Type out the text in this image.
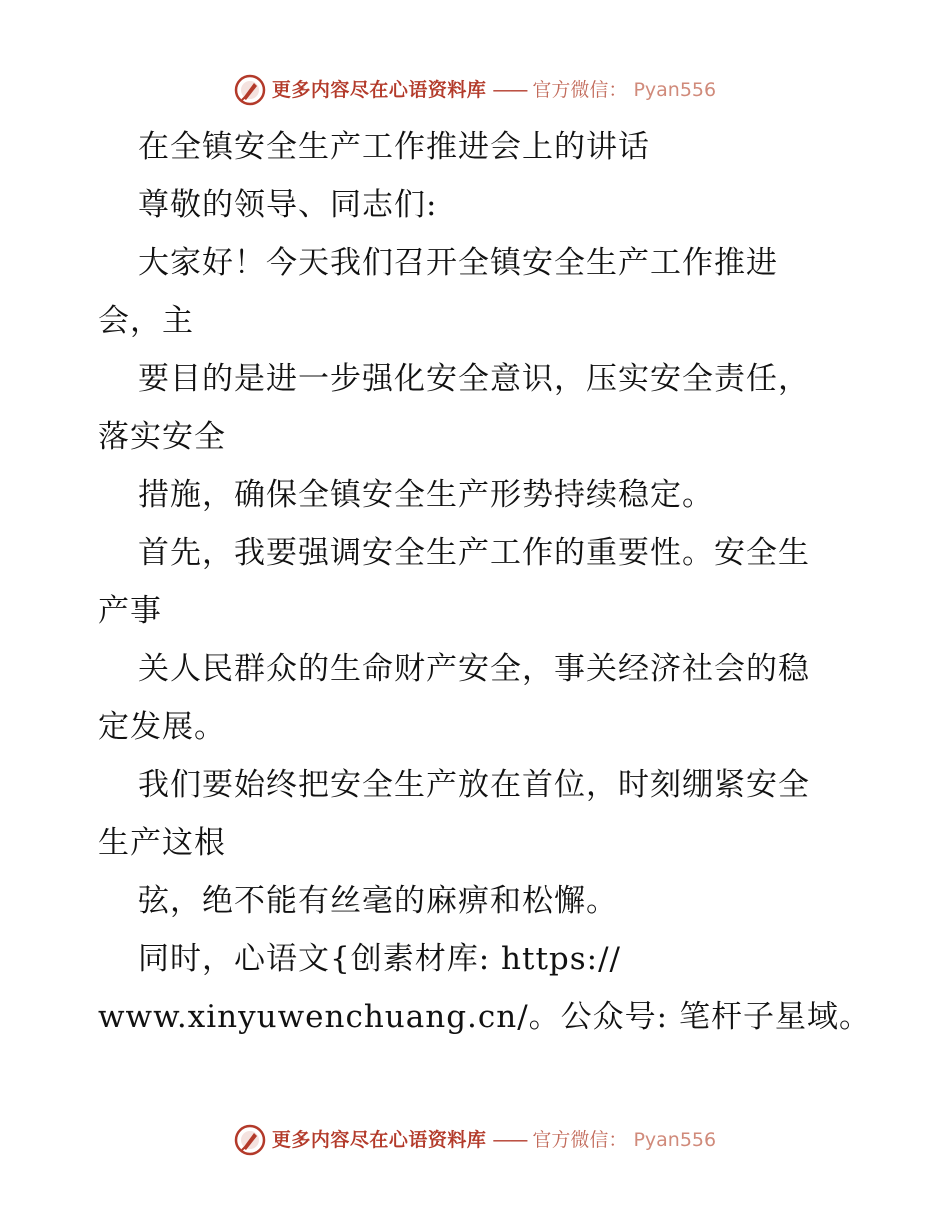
更多内容尽在心语资料库 —— 官方微信： Pyan556
在全镇安全生产工作推进会上的讲话
尊敬的领导、同志们:
大家好！今天我们召开全镇安全生产工作推进
会，主
要目的是进一步强化安全意识，压实安全责任，
落实安全
措施，确保全镇安全生产形势持续稳定。
首先，我要强调安全生产工作的重要性。安全生
产事
关人民群众的生命财产安全，事关经济社会的稳
定发展。
我们要始终把安全生产放在首位，时刻绷紧安全
生产这根
弦，绝不能有丝毫的麻痹和松懈。
同时，心语文{创素材库: https://
www.xinyuwenchuang.cn/。公众号: 笔杆子星域。
更多内容尽在心语资料库 —— 官方微信： Pyan556
